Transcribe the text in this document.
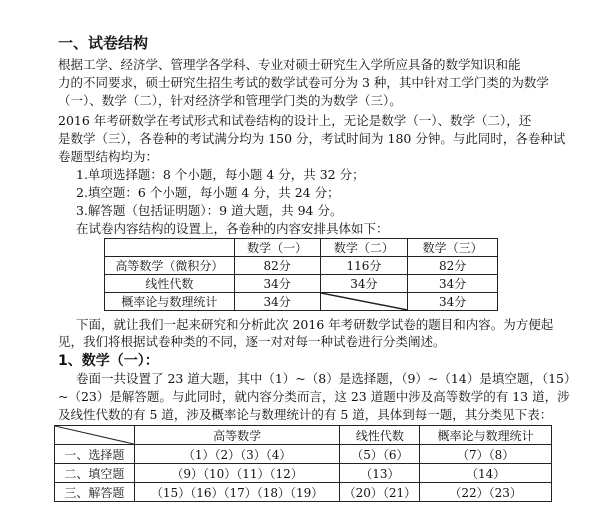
一、试卷结构
根据工学、经济学、管理学各学科、专业对硕士研究生入学所应具备的数学知识和能
力的不同要求，硕士研究生招生考试的数学试卷可分为 3 种，其中针对工学门类的为数学
（一）、数学（二），针对经济学和管理学门类的为数学（三）。
2016 年考研数学在考试形式和试卷结构的设计上，无论是数学（一）、数学（二），还
是数学（三），各卷种的考试满分均为 150 分，考试时间为 180 分钟。与此同时，各卷种试
卷题型结构均为：
1.单项选择题：8 个小题，每小题 4 分，共 32 分；
2.填空题：6 个小题，每小题 4 分，共 24 分；
3.解答题（包括证明题）：9 道大题，共 94 分。
在试卷内容结构的设置上，各卷种的内容安排具体如下：
	数学（一）	数学（二）	数学（三）
高等数学（微积分）	82分	116分	82分
线性代数	34分	34分	34分
概率论与数理统计	34分		34分
下面，就让我们一起来研究和分析此次 2016 年考研数学试卷的题目和内容。为方便起
见，我们将根据试卷种类的不同，逐一对对每一种试卷进行分类阐述。
1、数学（一）：
卷面一共设置了 23 道大题，其中（1）~（8）是选择题，（9）~（14）是填空题，（15）
~（23）是解答题。与此同时，就内容分类而言，这 23 道题中涉及高等数学的有 13 道，涉
及线性代数的有 5 道，涉及概率论与数理统计的有 5 道，具体到每一题，其分类见下表：
	高等数学	线性代数	概率论与数理统计
一、选择题	（1）（2）（3）（4）	（5）（6）	（7）（8）
二、填空题	（9）（10）（11）（12）	（13）	（14）
三、解答题	（15）（16）（17）（18）（19）	（20）（21）	（22）（23）
